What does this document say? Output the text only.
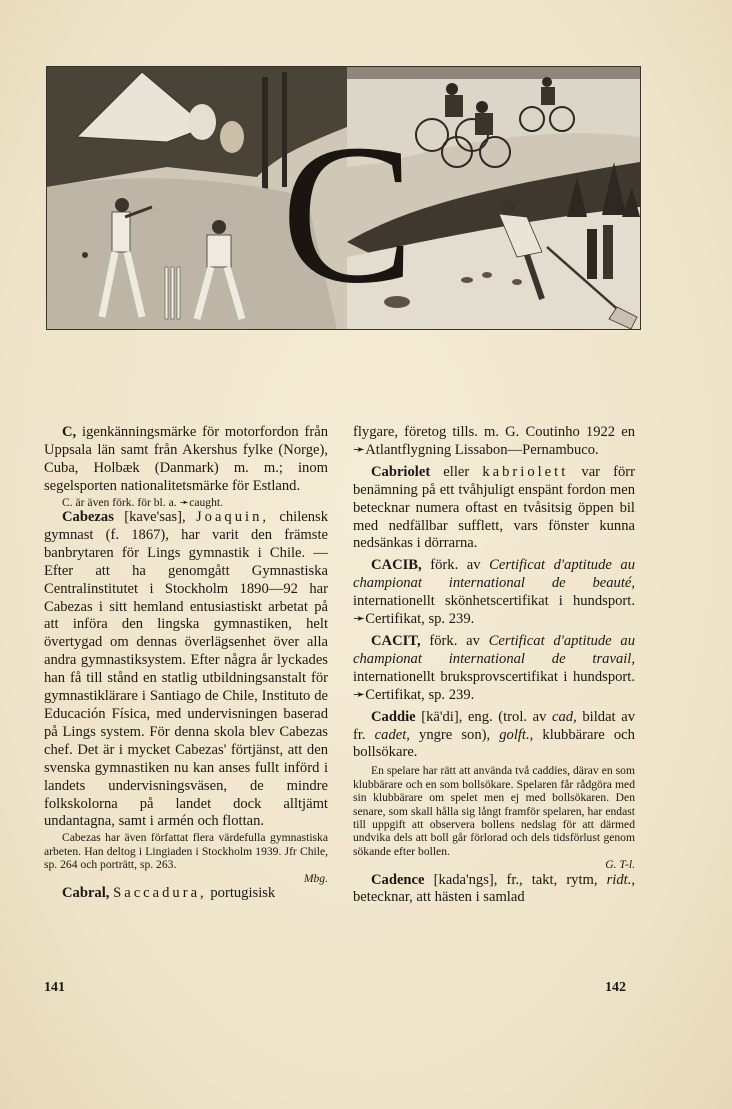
C

C, igenkänningsmärke för motorfordon från Uppsala län samt från Akershus fylke (Norge), Cuba, Holbæk (Danmark) m. m.; inom segelsporten nationalitetsmärke för Estland.

C. är även förk. för bl. a. ➛caught.

Cabezas [kave'sas], Joaquin, chilensk gymnast (f. 1867), har varit den främste banbrytaren för Lings gymnastik i Chile. — Efter att ha genomgått Gymnastiska Centralinstitutet i Stockholm 1890—92 har Cabezas i sitt hemland entusiastiskt arbetat på att införa den lingska gymnastiken, helt övertygad om dennas överlägsenhet över alla andra gymnastiksystem. Efter några år lyckades han få till stånd en statlig utbildningsanstalt för gymnastiklärare i Santiago de Chile, Instituto de Educación Física, med undervisningen baserad på Lings system. För denna skola blev Cabezas chef. Det är i mycket Cabezas' förtjänst, att den svenska gymnastiken nu kan anses fullt införd i landets undervisningsväsen, de mindre folkskolorna på landet dock alltjämt undantagna, samt i armén och flottan.

Cabezas har även författat flera värdefulla gymnastiska arbeten. Han deltog i Lingiaden i Stockholm 1939. Jfr Chile, sp. 264 och porträtt, sp. 263.

Mbg.

Cabral, Saccadura, portugisisk

flygare, företog tills. m. G. Coutinho 1922 en ➛Atlantflygning Lissabon—Pernambuco.

Cabriolet eller kabriolett var förr benämning på ett tvåhjuligt enspänt fordon men betecknar numera oftast en tvåsitsig öppen bil med nedfällbar sufflett, vars fönster kunna nedsänkas i dörrarna.

CACIB, förk. av Certificat d'aptitude au championat international de beauté, internationellt skönhetscertifikat i hundsport. ➛Certifikat, sp. 239.

CACIT, förk. av Certificat d'aptitude au championat international de travail, internationellt bruksprovscertifikat i hundsport. ➛Certifikat, sp. 239.

Caddie [kä'di], eng. (trol. av cad, bildat av fr. cadet, yngre son), golft., klubbärare och bollsökare.

En spelare har rätt att använda två caddies, därav en som klubbärare och en som bollsökare. Spelaren får rådgöra med sin klubbärare om spelet men ej med bollsökaren. Den senare, som skall hålla sig långt framför spelaren, har endast till uppgift att observera bollens nedslag för att därmed undvika dels att boll går förlorad och dels tidsförlust genom sökande efter bollen.

G. T-l.

Cadence [kada'ngs], fr., takt, rytm, ridt., betecknar, att hästen i samlad

141	142
